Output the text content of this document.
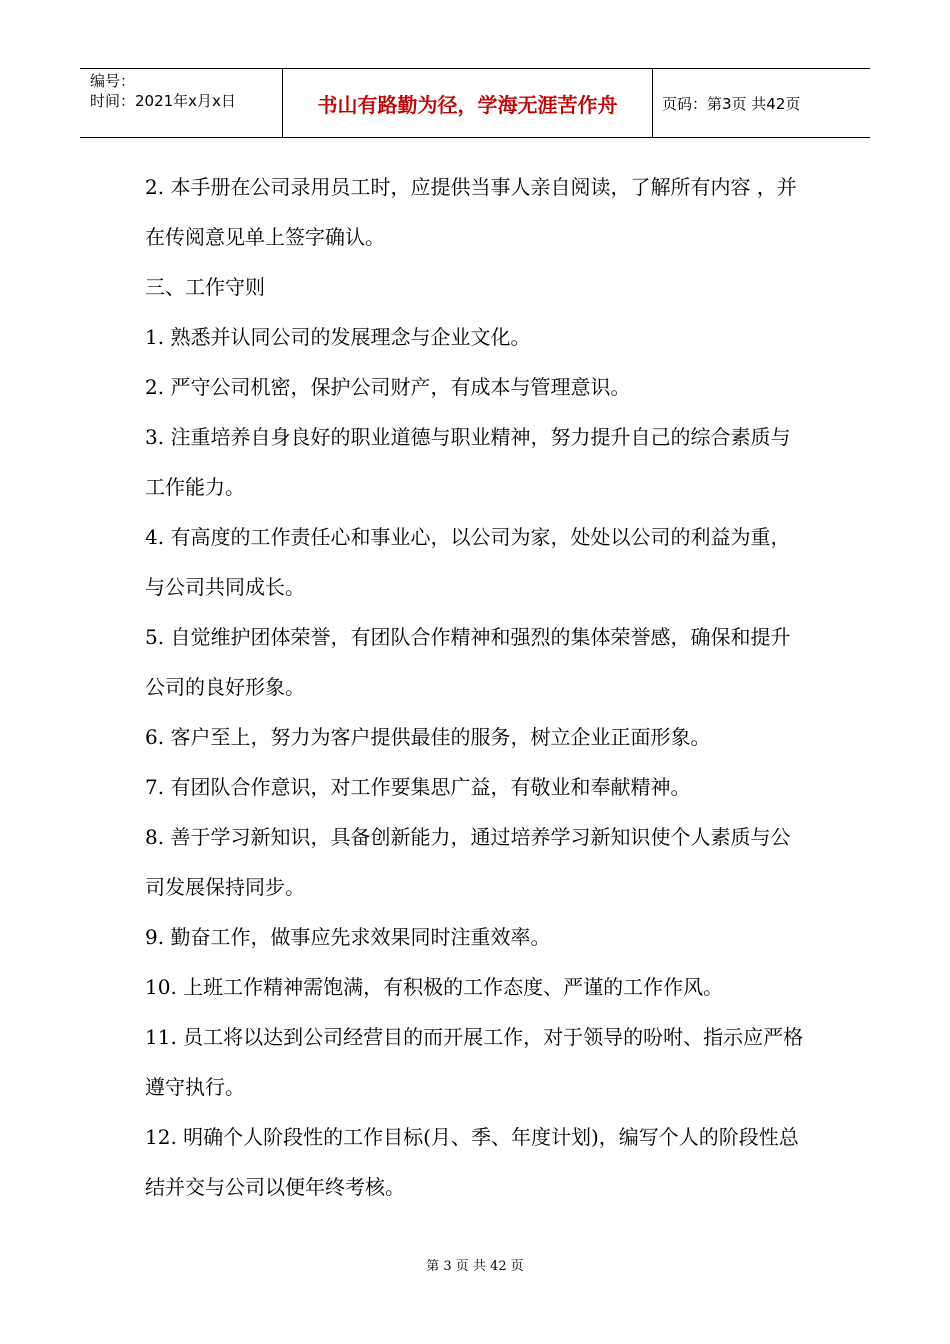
编号：
时间：2021年x月x日	书山有路勤为径，学海无涯苦作舟	页码：第3页 共42页

2. 本手册在公司录用员工时，应提供当事人亲自阅读，了解所有内容 ，并在传阅意见单上签字确认。

三、工作守则

1. 熟悉并认同公司的发展理念与企业文化。

2. 严守公司机密，保护公司财产，有成本与管理意识。

3. 注重培养自身良好的职业道德与职业精神，努力提升自己的综合素质与工作能力。

4. 有高度的工作责任心和事业心，以公司为家，处处以公司的利益为重，与公司共同成长。

5. 自觉维护团体荣誉，有团队合作精神和强烈的集体荣誉感，确保和提升公司的良好形象。

6. 客户至上，努力为客户提供最佳的服务，树立企业正面形象。

7. 有团队合作意识，对工作要集思广益，有敬业和奉献精神。

8. 善于学习新知识，具备创新能力，通过培养学习新知识使个人素质与公司发展保持同步。

9. 勤奋工作，做事应先求效果同时注重效率。

10. 上班工作精神需饱满，有积极的工作态度、严谨的工作作风。

11. 员工将以达到公司经营目的而开展工作，对于领导的吩咐、指示应严格遵守执行。

12. 明确个人阶段性的工作目标(月、季、年度计划)，编写个人的阶段性总结并交与公司以便年终考核。

第 3 页 共 42 页
